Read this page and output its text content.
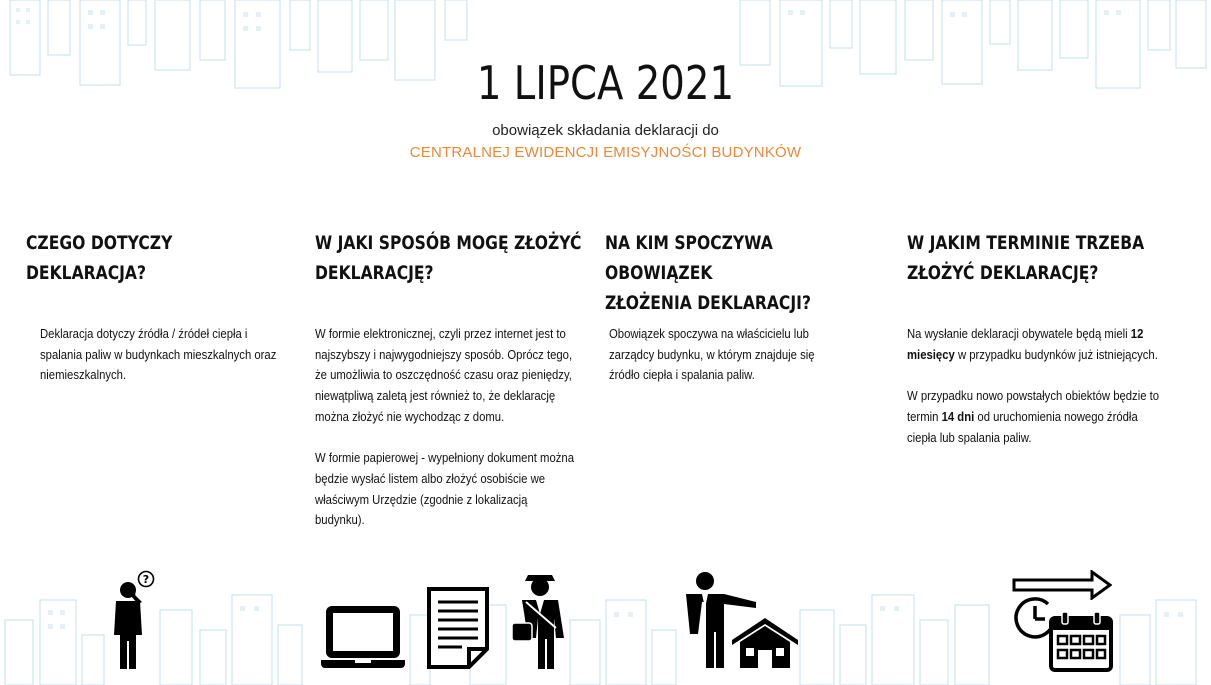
1 LIPCA 2021
obowiązek składania deklaracji do
CENTRALNEJ EWIDENCJI EMISYJNOŚCI BUDYNKÓW
CZEGO DOTYCZY DEKLARACJA?

Deklaracja dotyczy źródła / źródeł ciepła i spalania paliw w budynkach mieszkalnych oraz niemieszkalnych.

W JAKI SPOSÓB MOGĘ ZŁOŻYĆ
DEKLARACJĘ?

W formie elektronicznej, czyli przez internet jest to najszybszy i najwygodniejszy sposób. Oprócz tego, że umożliwia to oszczędność czasu oraz pieniędzy, niewątpliwą zaletą jest również to, że deklarację można złożyć nie wychodząc z domu.

W formie papierowej - wypełniony dokument można będzie wysłać listem albo złożyć osobiście we właściwym Urzędzie (zgodnie z lokalizacją budynku).

NA KIM SPOCZYWA OBOWIĄZEK
ZŁOŻENIA DEKLARACJI?

Obowiązek spoczywa na właścicielu lub zarządcy budynku, w którym znajduje się źródło ciepła i spalania paliw.

W JAKIM TERMINIE TRZEBA
ZŁOŻYĆ DEKLARACJĘ?

Na wysłanie deklaracji obywatele będą mieli 12 miesięcy w przypadku budynków już istniejących.

W przypadku nowo powstałych obiektów będzie to termin 14 dni od uruchomienia nowego źródła ciepła lub spalania paliw.

?
